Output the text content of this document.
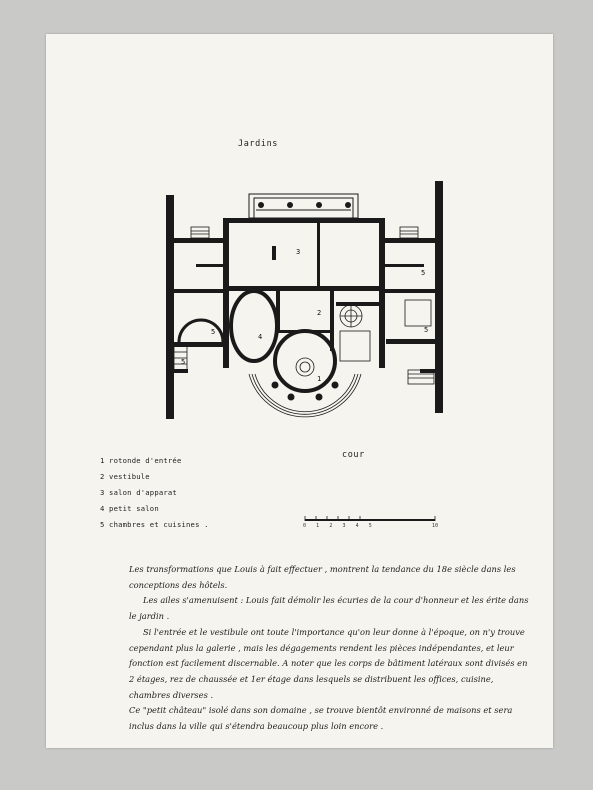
Jardins
3
5
2
4
5	5
1
5
cour
1 rotonde d'entrée
2 vestibule
3 salon d'apparat
4 petit salon
5 chambres et cuisines .	0 1 2 3 4 5	10

Les transformations que Louis à fait effectuer , montrent la tendance du 18e siècle dans les conceptions des hôtels.

Les ailes s'amenuisent : Louis fait démolir les écuries de la cour d'honneur et les érite dans le jardin .

Si l'entrée et le vestibule ont toute l'importance qu'on leur donne à l'époque, on n'y trouve cependant plus la galerie , mais les dégagements rendent les pièces indépendantes, et leur fonction est facilement discernable. A noter que les corps de bâtiment latéraux sont divisés en 2 étages, rez de chaussée et 1er étage dans lesquels se distribuent les offices, cuisine, chambres diverses .

Ce "petit château" isolé dans son domaine , se trouve bientôt environné de maisons et sera inclus dans la ville qui s'étendra beaucoup plus loin encore .
